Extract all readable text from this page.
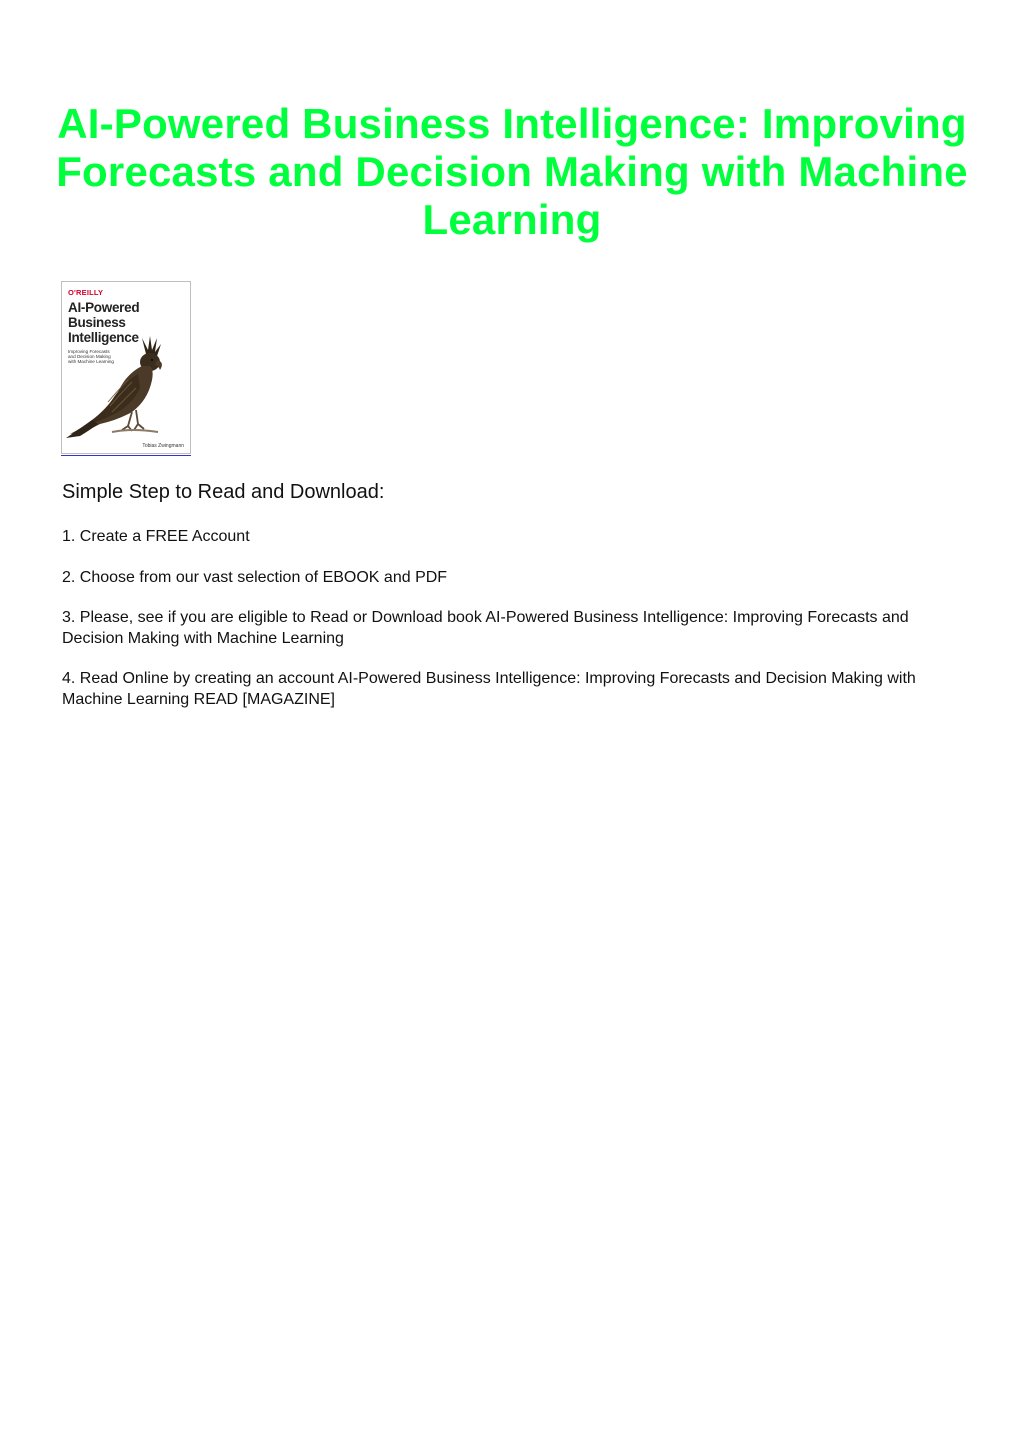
AI-Powered Business Intelligence: Improving Forecasts and Decision Making with Machine Learning
O'REILLY
AI-Powered
Business
Intelligence
Improving Forecasts
and Decision Making
with Machine Learning
Tobias Zwingmann
Simple Step to Read and Download:
1. Create a FREE Account
2. Choose from our vast selection of EBOOK and PDF
3. Please, see if you are eligible to Read or Download book AI-Powered Business Intelligence: Improving Forecasts and Decision Making with Machine Learning
4. Read Online by creating an account AI-Powered Business Intelligence: Improving Forecasts and Decision Making with Machine Learning READ [MAGAZINE]
